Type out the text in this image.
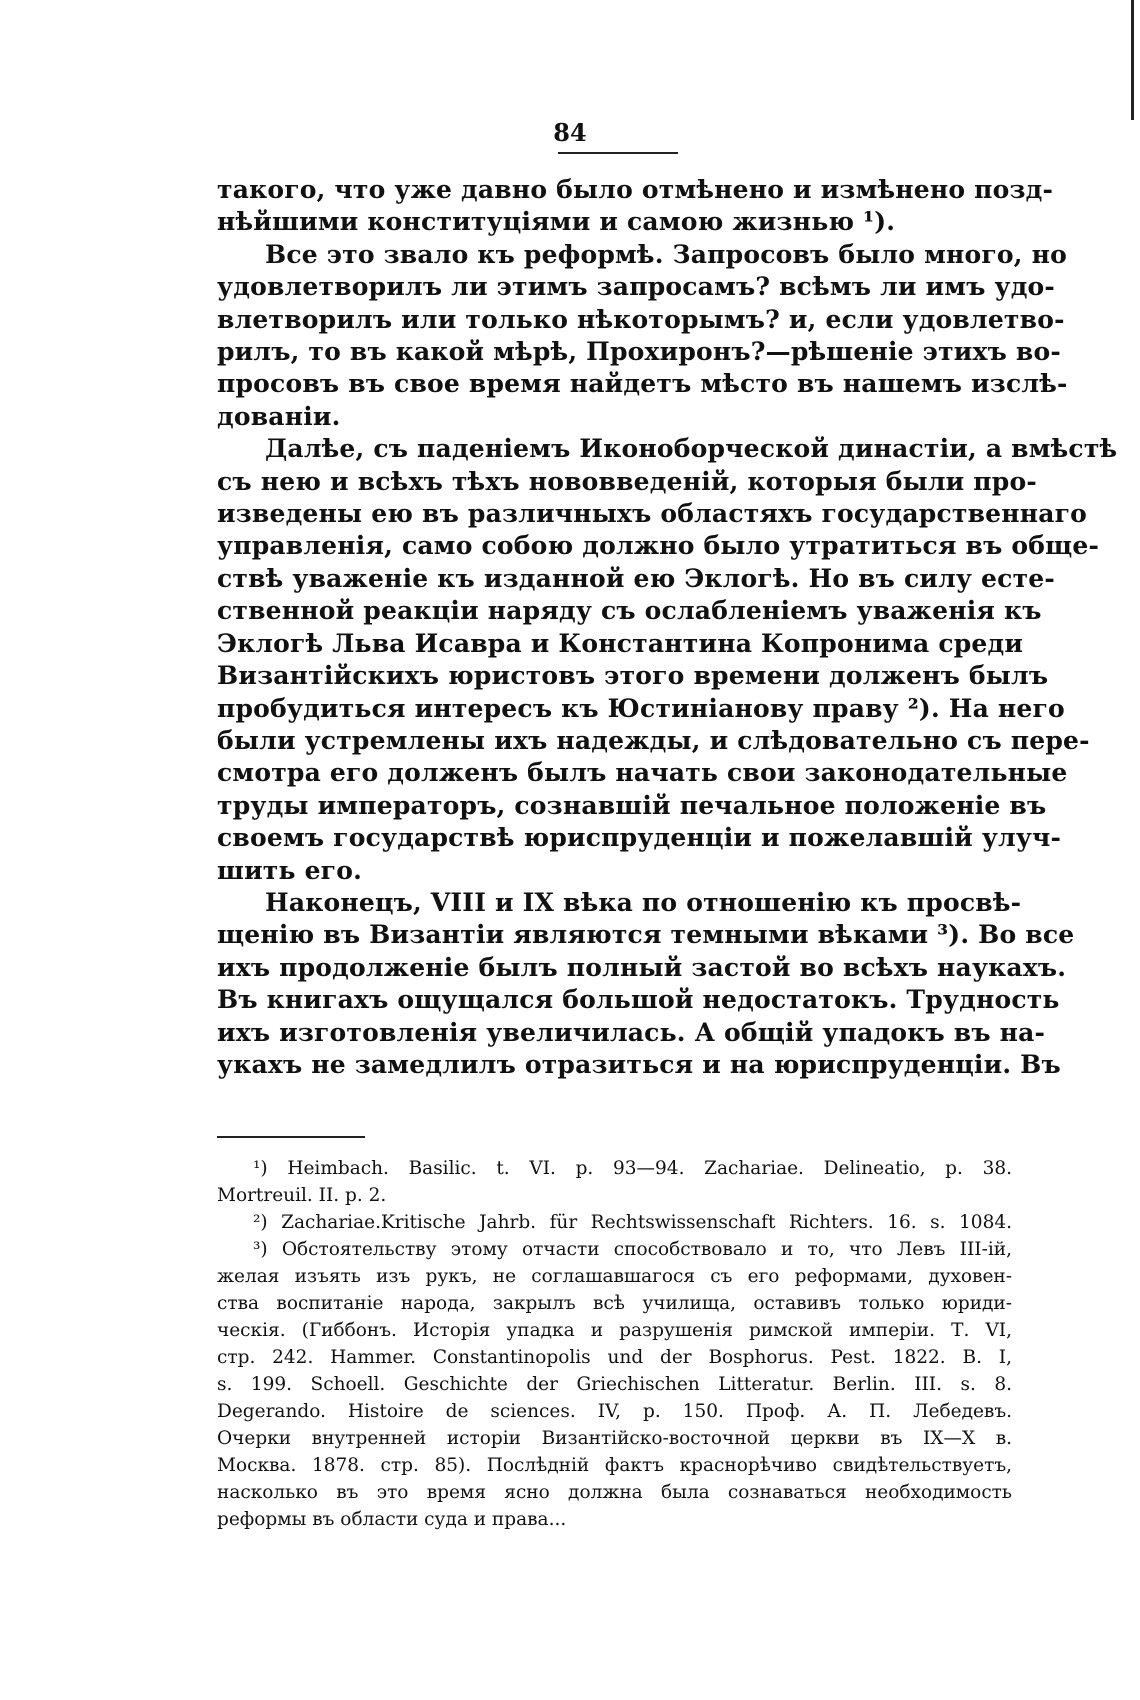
84
такого, что уже давно было отмѣнено и измѣнено позд-
нѣйшими конституціями и самою жизнью ¹).
Все это звало къ реформѣ. Запросовъ было много, но
удовлетворилъ ли этимъ запросамъ? всѣмъ ли имъ удо-
влетворилъ или только нѣкоторымъ? и, если удовлетво-
рилъ, то въ какой мѣрѣ, Прохиронъ?—рѣшеніе этихъ во-
просовъ въ свое время найдетъ мѣсто въ нашемъ изслѣ-
дованіи.
Далѣе, съ паденіемъ Иконоборческой династіи, а вмѣстѣ
съ нею и всѣхъ тѣхъ нововведеній, которыя были про-
изведены ею въ различныхъ областяхъ государственнаго
управленія, само собою должно было утратиться въ обще-
ствѣ уваженіе къ изданной ею Эклогѣ. Но въ силу есте-
ственной реакціи наряду съ ослабленіемъ уваженія къ
Эклогѣ Льва Исавра и Константина Копронима среди
Византійскихъ юристовъ этого времени долженъ былъ
пробудиться интересъ къ Юстиніанову праву ²). На него
были устремлены ихъ надежды, и слѣдовательно съ пере-
смотра его долженъ былъ начать свои законодательные
труды императоръ, сознавшій печальное положеніе въ
своемъ государствѣ юриспруденціи и пожелавшій улуч-
шить его.
Наконецъ, VIII и IX вѣка по отношенію къ просвѣ-
щенію въ Византіи являются темными вѣками ³). Во все
ихъ продолженіе былъ полный застой во всѣхъ наукахъ.
Въ книгахъ ощущался большой недостатокъ. Трудность
ихъ изготовленія увеличилась. А общій упадокъ въ на-
укахъ не замедлилъ отразиться и на юриспруденціи. Въ
¹) Heimbach. Basilic. t. VI. p. 93—94. Zachariae. Delineatio, p. 38.
Mortreuil. II. p. 2.
²) Zachariae.Kritische Jahrb. für Rechtswissenschaft Richters. 16. s. 1084.
³) Обстоятельству этому отчасти способствовало и то, что Левъ III-ій,
желая изъять изъ рукъ, не соглашавшагося съ его реформами, духовен-
ства воспитаніе народа, закрылъ всѣ училища, оставивъ только юриди-
ческія. (Гиббонъ. Исторія упадка и разрушенія римской имперіи. Т. VI,
стр. 242. Hammer. Constantinopolis und der Bosphorus. Pest. 1822. B. I,
s. 199. Schoell. Geschichte der Griechischen Litteratur. Berlin. III. s. 8.
Degerando. Histoire de sciences. IV, p. 150. Проф. А. П. Лебедевъ.
Очерки внутренней исторіи Византійско-восточной церкви въ IX—X в.
Москва. 1878. стр. 85). Послѣдній фактъ краснорѣчиво свидѣтельствуетъ,
насколько въ это время ясно должна была сознаваться необходимость
реформы въ области суда и права...
